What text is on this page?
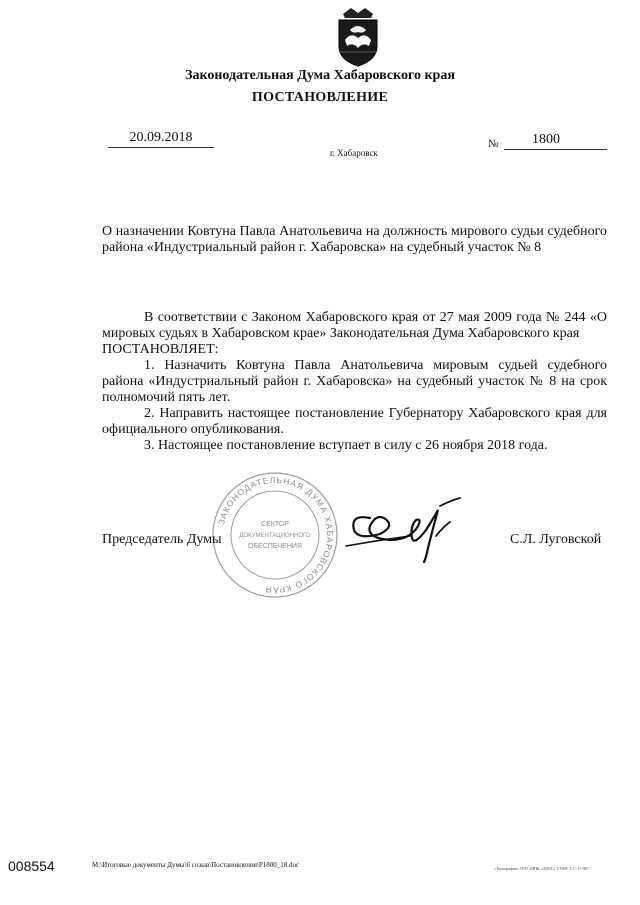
Законодательная Дума Хабаровского края
ПОСТАНОВЛЕНИЕ
20.09.2018
г. Хабаровск
№	1800
О назначении Ковтуна Павла Анатольевича на должность мирового судьи судебного района «Индустриальный район г. Хабаровска» на судебный участок № 8

В соответствии с Законом Хабаровского края от 27 мая 2009 года № 244 «О мировых судьях в Хабаровском крае» Законодательная Дума Хабаровского края

ПОСТАНОВЛЯЕТ:

1. Назначить Ковтуна Павла Анатольевича мировым судьей судебного района «Индустриальный район г. Хабаровска» на судебный участок № 8 на срок полномочий пять лет.

2. Направить настоящее постановление Губернатору Хабаровского края для официального опубликования.

3. Настоящее постановление вступает в силу с 26 ноября 2018 года.

ЗАКОНОДАТЕЛЬНАЯ ДУМА ХАБАРОВСКОГО КРАЯ
СЕКТОР
ДОКУМЕНТАЦИОННОГО
ОБЕСПЕЧЕНИЯ
Председатель Думы	С.Л. Луговской
008554	М:\Итоговые документы Думы\6 созыв\Постановления\Р1800_18.doc	«Типография» ООО «НПК «ЭДОС» Т.1909. З. С-15-067.
